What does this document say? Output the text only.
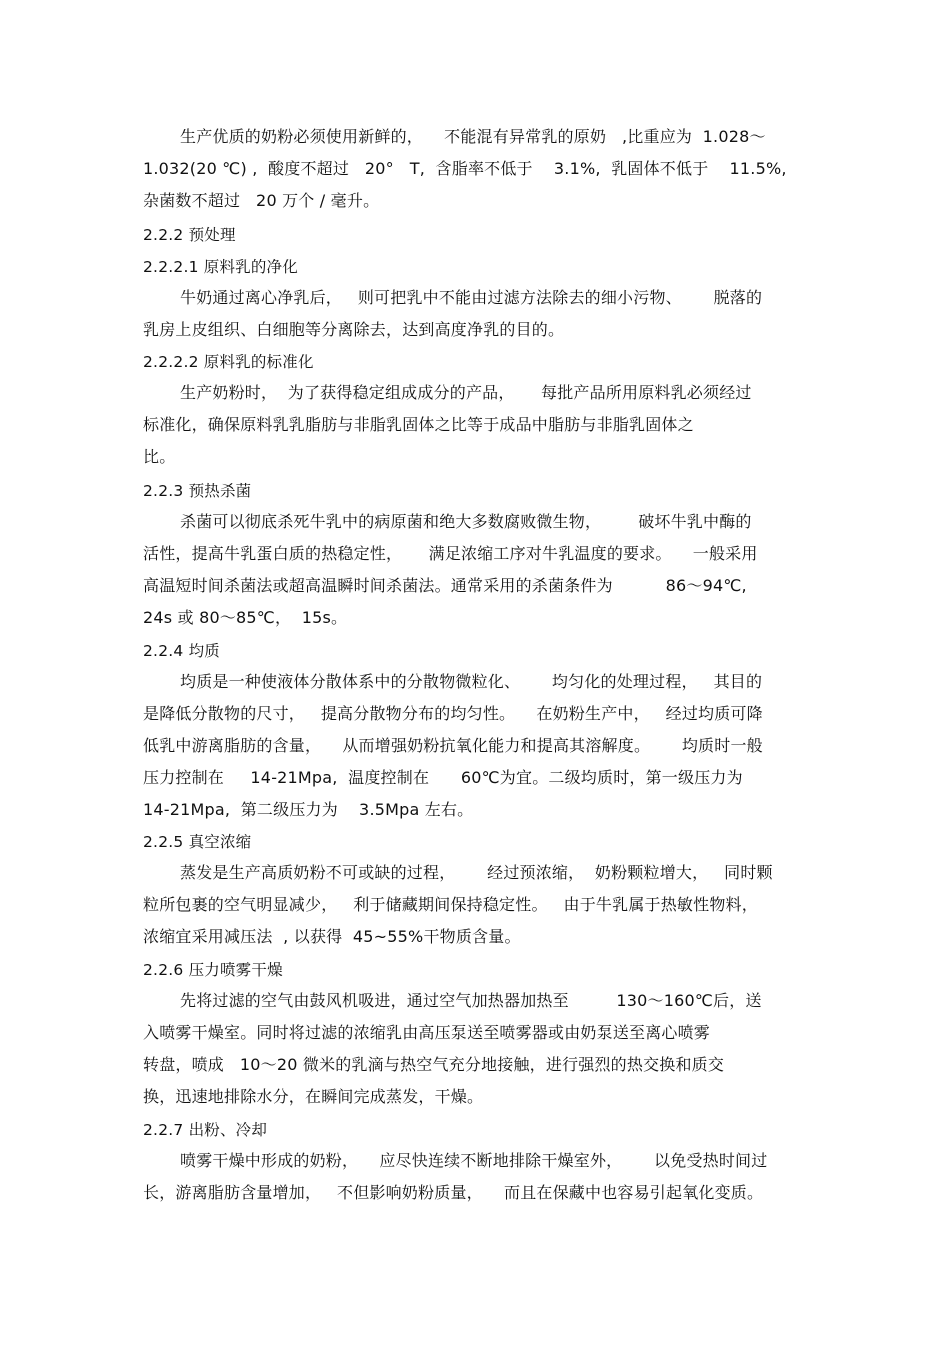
生产优质的奶粉必须使用新鲜的，    不能混有异常乳的原奶   ,比重应为  1.028～
1.032(20 ℃) ,  酸度不超过   20°   T,  含脂率不低于    3.1%,  乳固体不低于    11.5%,
杂菌数不超过   20 万个 / 毫升。
2.2.2 预处理
2.2.2.1 原料乳的净化
牛奶通过离心净乳后，   则可把乳中不能由过滤方法除去的细小污物、      脱落的
乳房上皮组织、白细胞等分离除去，达到高度净乳的目的。
2.2.2.2 原料乳的标准化
生产奶粉时，  为了获得稳定组成成分的产品，     每批产品所用原料乳必须经过
标准化，确保原料乳乳脂肪与非脂乳固体之比等于成品中脂肪与非脂乳固体之
比。
2.2.3 预热杀菌
杀菌可以彻底杀死牛乳中的病原菌和绝大多数腐败微生物，       破坏牛乳中酶的
活性，提高牛乳蛋白质的热稳定性，     满足浓缩工序对牛乳温度的要求。    一般采用
高温短时间杀菌法或超高温瞬时间杀菌法。通常采用的杀菌条件为          86～94℃,
24s 或 80～85℃，  15s。
2.2.4 均质
均质是一种使液体分散体系中的分散物微粒化、      均匀化的处理过程，   其目的
是降低分散物的尺寸，   提高分散物分布的均匀性。    在奶粉生产中，   经过均质可降
低乳中游离脂肪的含量，    从而增强奶粉抗氧化能力和提高其溶解度。      均质时一般
压力控制在     14-21Mpa,  温度控制在      60℃为宜。二级均质时，第一级压力为
14-21Mpa,  第二级压力为    3.5Mpa 左右。
2.2.5 真空浓缩
蒸发是生产高质奶粉不可或缺的过程，      经过预浓缩，  奶粉颗粒增大，   同时颗
粒所包裹的空气明显减少，   利于储藏期间保持稳定性。   由于牛乳属于热敏性物料，
浓缩宜采用减压法  , 以获得  45~55%干物质含量。
2.2.6 压力喷雾干燥
先将过滤的空气由鼓风机吸进，通过空气加热器加热至         130～160℃后，送
入喷雾干燥室。同时将过滤的浓缩乳由高压泵送至喷雾器或由奶泵送至离心喷雾
转盘，喷成   10～20 微米的乳滴与热空气充分地接触，进行强烈的热交换和质交
换，迅速地排除水分，在瞬间完成蒸发，干燥。
2.2.7 出粉、冷却
喷雾干燥中形成的奶粉，    应尽快连续不断地排除干燥室外，      以免受热时间过
长，游离脂肪含量增加，   不但影响奶粉质量，    而且在保藏中也容易引起氧化变质。
